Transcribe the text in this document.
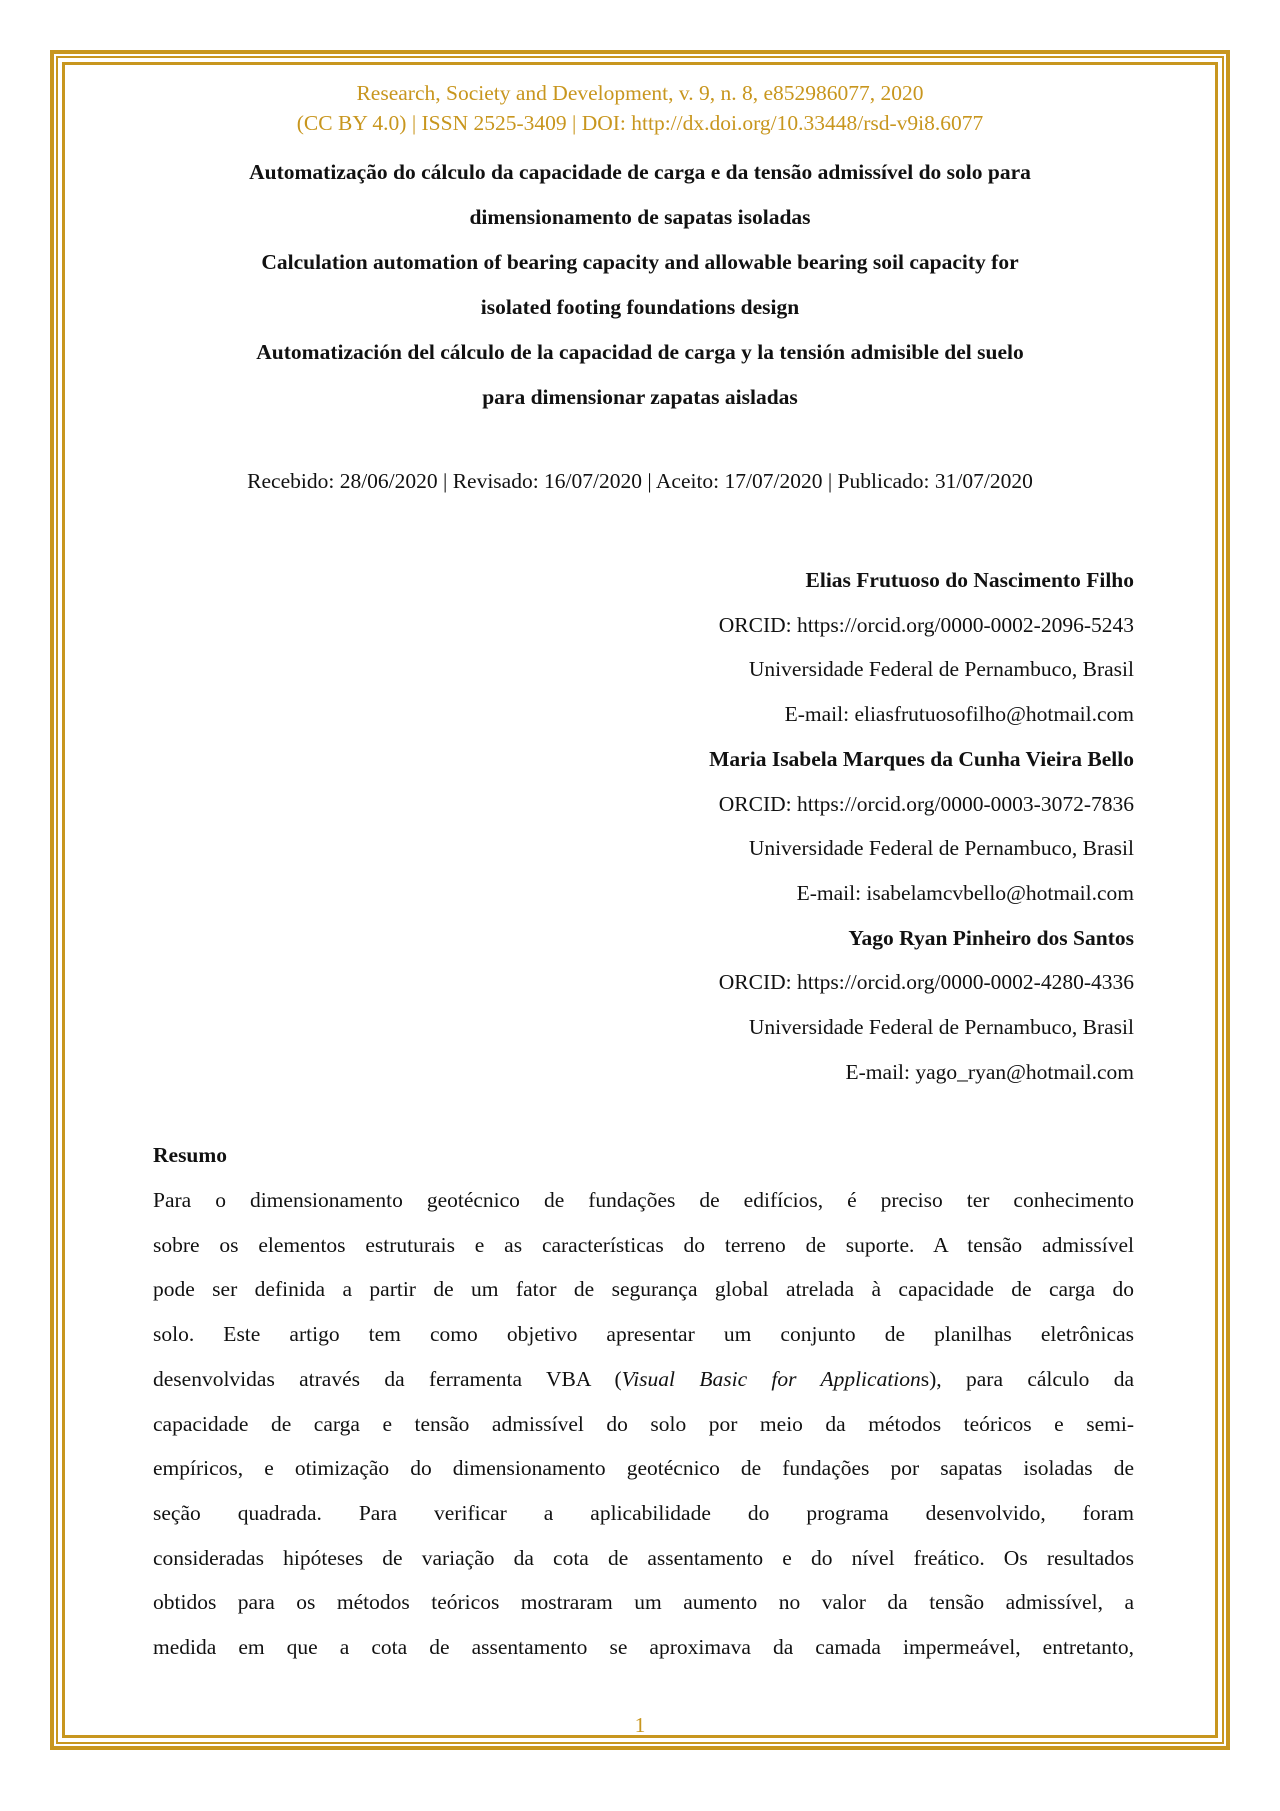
Research, Society and Development, v. 9, n. 8, e852986077, 2020
(CC BY 4.0) | ISSN 2525-3409 | DOI: http://dx.doi.org/10.33448/rsd-v9i8.6077
Automatização do cálculo da capacidade de carga e da tensão admissível do solo para
dimensionamento de sapatas isoladas
Calculation automation of bearing capacity and allowable bearing soil capacity for
isolated footing foundations design
Automatización del cálculo de la capacidad de carga y la tensión admisible del suelo
para dimensionar zapatas aisladas
Recebido: 28/06/2020 | Revisado: 16/07/2020 | Aceito: 17/07/2020 | Publicado: 31/07/2020
Elias Frutuoso do Nascimento Filho
ORCID: https://orcid.org/0000-0002-2096-5243
Universidade Federal de Pernambuco, Brasil
E-mail: eliasfrutuosofilho@hotmail.com
Maria Isabela Marques da Cunha Vieira Bello
ORCID: https://orcid.org/0000-0003-3072-7836
Universidade Federal de Pernambuco, Brasil
E-mail: isabelamcvbello@hotmail.com
Yago Ryan Pinheiro dos Santos
ORCID: https://orcid.org/0000-0002-4280-4336
Universidade Federal de Pernambuco, Brasil
E-mail: yago_ryan@hotmail.com
Resumo
Para o dimensionamento geotécnico de fundações de edifícios, é preciso ter conhecimento
sobre os elementos estruturais e as características do terreno de suporte. A tensão admissível
pode ser definida a partir de um fator de segurança global atrelada à capacidade de carga do
solo. Este artigo tem como objetivo apresentar um conjunto de planilhas eletrônicas
desenvolvidas através da ferramenta VBA (Visual Basic for Applications), para cálculo da
capacidade de carga e tensão admissível do solo por meio da métodos teóricos e semi-
empíricos, e otimização do dimensionamento geotécnico de fundações por sapatas isoladas de
seção quadrada. Para verificar a aplicabilidade do programa desenvolvido, foram
consideradas hipóteses de variação da cota de assentamento e do nível freático. Os resultados
obtidos para os métodos teóricos mostraram um aumento no valor da tensão admissível, a
medida em que a cota de assentamento se aproximava da camada impermeável, entretanto,
1
